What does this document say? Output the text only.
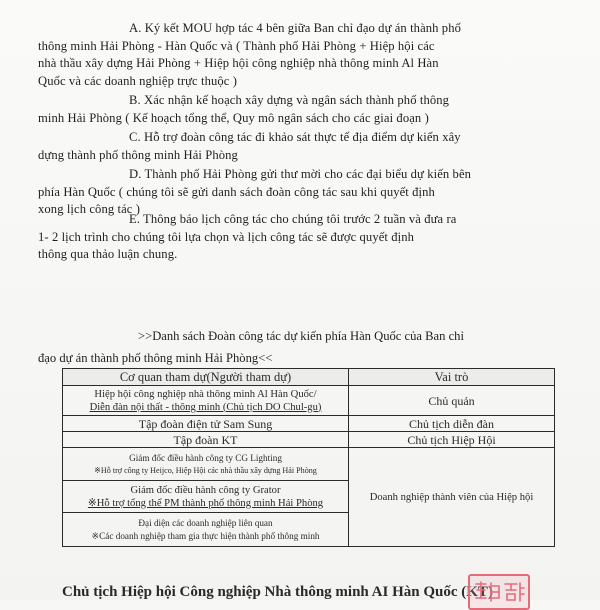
A. Ký kết MOU hợp tác 4 bên giữa Ban chỉ đạo dự án thành phố
thông minh Hải Phòng - Hàn Quốc và ( Thành phố Hải Phòng + Hiệp hội các
nhà thầu xây dựng Hải Phòng + Hiệp hội công nghiệp nhà thông minh Al Hàn
Quốc và các doanh nghiệp trực thuộc )
B. Xác nhận kế hoạch xây dựng và ngân sách thành phố thông
minh Hải Phòng ( Kế hoạch tổng thể, Quy mô ngân sách cho các giai đoạn )
C. Hỗ trợ đoàn công tác đi khảo sát thực tế địa điểm dự kiến xây
dựng thành phố thông minh Hải Phòng
D. Thành phố Hải Phòng gửi thư mời cho các đại biểu dự kiến bên
phía Hàn Quốc ( chúng tôi sẽ gửi danh sách đoàn công tác sau khi quyết định
xong lịch công tác )
E. Thông báo lịch công tác cho chúng tôi trước 2 tuần và đưa ra
1- 2 lịch trình cho chúng tôi lựa chọn và lịch công tác sẽ được quyết định
thông qua thảo luận chung.
>>Danh sách Đoàn công tác dự kiến phía Hàn Quốc của Ban chỉ
đạo dự án thành phố thông minh Hải Phòng<<
Cơ quan tham dự(Người tham dự)	Vai trò

Hiệp hội công nghiệp nhà thông minh Al Hàn Quốc/
Diễn đàn nội thất - thông minh (Chủ tịch DO Chul-gu)	Chủ quản

Tập đoàn điện tử Sam Sung	Chủ tịch diễn đàn

Tập đoàn KT	Chủ tịch Hiệp Hội

Giám đốc điều hành công ty CG Lighting
※Hỗ trợ công ty Heijco, Hiệp Hội các nhà thầu xây dựng Hải Phòng	Doanh nghiệp thành viên của Hiệp hội

Giám đốc điều hành công ty Grator
※Hỗ trợ tổng thể PM thành phố thông minh Hải Phòng	

Đại diện các doanh nghiệp liên quan
※Các doanh nghiệp tham gia thực hiện thành phố thông minh	
Chủ tịch Hiệp hội Công nghiệp Nhà thông minh AI Hàn Quốc (KT)
